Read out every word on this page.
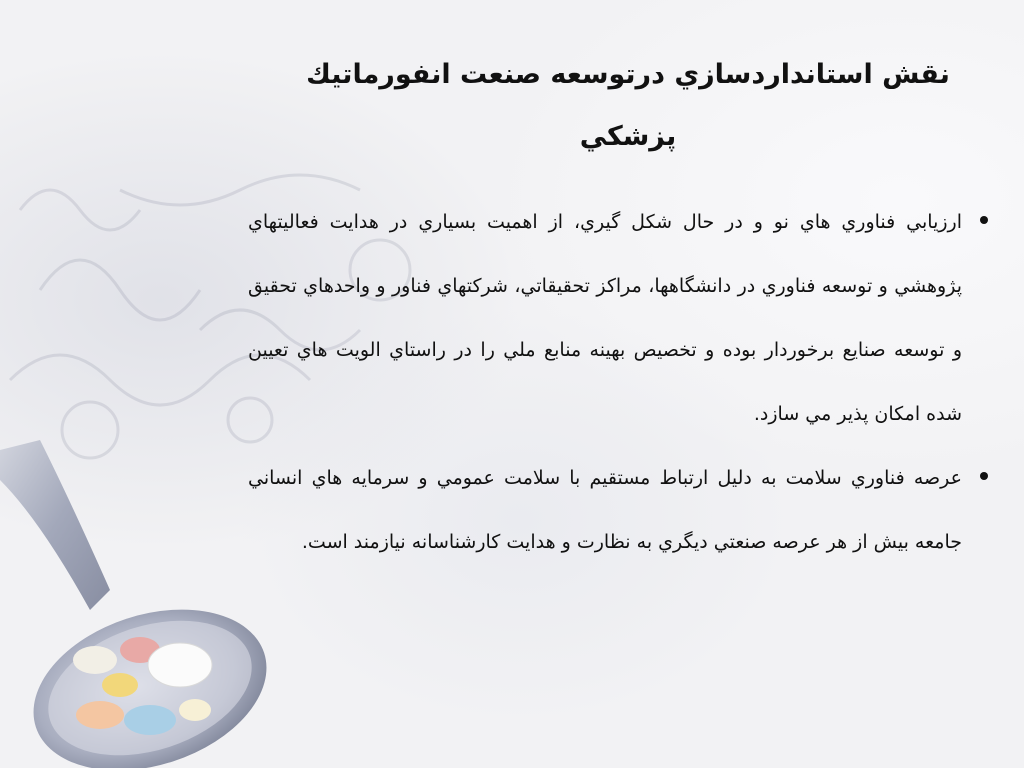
نقش استانداردسازي درتوسعه صنعت انفورماتيك پزشكي
ارزيابي فناوري هاي نو و در حال شكل گيري، از اهميت بسياري در هدايت فعاليتهاي پژوهشي و توسعه فناوري در دانشگاهها، مراكز تحقيقاتي، شركتهاي فناور و واحدهاي تحقيق و توسعه صنايع برخوردار بوده و تخصيص بهينه منابع ملي را در راستاي الويت هاي تعيين شده امكان پذير مي سازد.
عرصه فناوري سلامت به دليل ارتباط مستقيم با سلامت عمومي و سرمايه هاي انساني جامعه بيش از هر عرصه صنعتي ديگري به نظارت و هدايت كارشناسانه نيازمند است.
